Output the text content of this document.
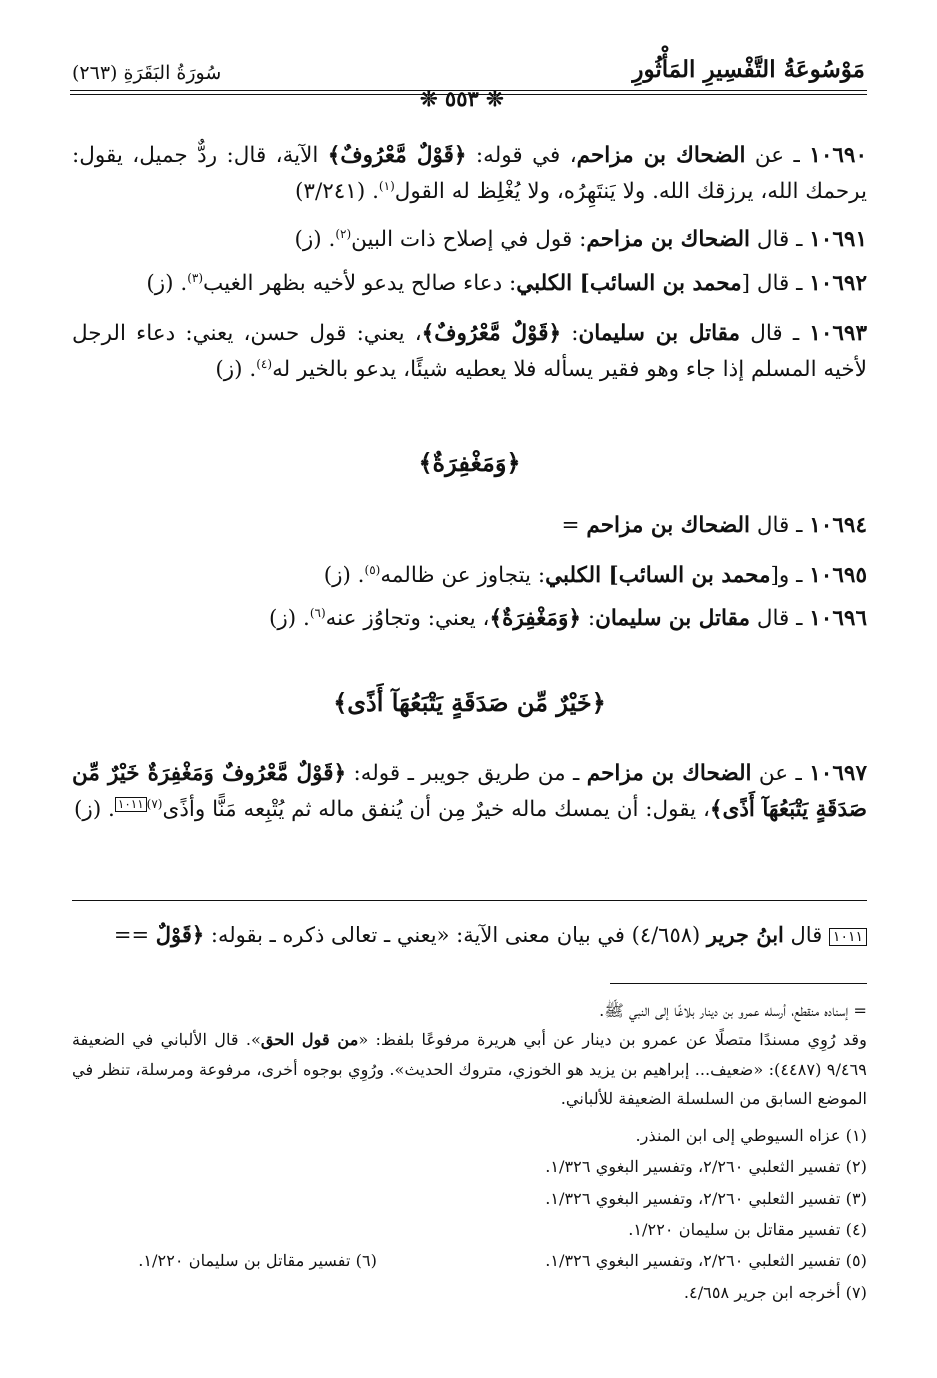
سُورَةُ البَقَرَةِ (٢٦٣)	مَوْسُوعَةُ التَّفْسِيرِ المَأْثُورِ
❊ ٥٥٣ ❊

١٠٦٩٠ ـ عن الضحاك بن مزاحم، في قوله: ﴿قَوْلٌ مَّعْرُوفٌ﴾ الآية، قال: ردٌّ جميل، يقول: يرحمك الله، يرزقك الله. ولا يَنتَهِرُه، ولا يُغْلِظ له القول$^{(١)}$. (٣/٢٤١)

١٠٦٩١ ـ قال الضحاك بن مزاحم: قول في إصلاح ذات البين$^{(٢)}$. (ز)

١٠٦٩٢ ـ قال [محمد بن السائب] الكلبي: دعاء صالح يدعو لأخيه بظهر الغيب$^{(٣)}$. (ز)

١٠٦٩٣ ـ قال مقاتل بن سليمان: ﴿قَوْلٌ مَّعْرُوفٌ﴾، يعني: قول حسن، يعني: دعاء الرجل لأخيه المسلم إذا جاء وهو فقير يسأله فلا يعطيه شيئًا، يدعو بالخير له$^{(٤)}$. (ز)

﴿وَمَغْفِرَةٌ﴾

١٠٦٩٤ ـ قال الضحاك بن مزاحم =

١٠٦٩٥ ـ و[محمد بن السائب] الكلبي: يتجاوز عن ظالمه$^{(٥)}$. (ز)

١٠٦٩٦ ـ قال مقاتل بن سليمان: ﴿وَمَغْفِرَةٌ﴾، يعني: وتجاوُز عنه$^{(٦)}$. (ز)

﴿خَيْرٌ مِّن صَدَقَةٍ يَتْبَعُهَآ أَذًى﴾

١٠٦٩٧ ـ عن الضحاك بن مزاحم ـ من طريق جويبر ـ قوله: ﴿قَوْلٌ مَّعْرُوفٌ وَمَغْفِرَةٌ خَيْرٌ مِّن صَدَقَةٍ يَتْبَعُهَآ أَذًى﴾، يقول: أن يمسك ماله خيرٌ مِن أن يُنفق ماله ثم يُتْبِعه مَنًّا وأذًى$^{(٧)}$١٠١١. (ز)

١٠١١ قال ابنُ جرير (٤/٦٥٨) في بيان معنى الآية: «يعني ـ تعالى ذكره ـ بقوله: ﴿قَوْلٌ ==

= إسناده منقطع، أرسله عمرو بن دينار بلاغًا إلى النبي ﷺ.

وقد رُوِي مسندًا متصلًا عن عمرو بن دينار عن أبي هريرة مرفوعًا بلفظ: «من قول الحق». قال الألباني في الضعيفة ٩/٤٦٩ (٤٤٨٧): «ضعيف... إبراهيم بن يزيد هو الخوزي، متروك الحديث». ورُوِي بوجوه أخرى، مرفوعة ومرسلة، تنظر في الموضع السابق من السلسلة الضعيفة للألباني.

(١) عزاه السيوطي إلى ابن المنذر.
(٢) تفسير الثعلبي ٢/٢٦٠، وتفسير البغوي ١/٣٢٦.
(٣) تفسير الثعلبي ٢/٢٦٠، وتفسير البغوي ١/٣٢٦.
(٤) تفسير مقاتل بن سليمان ١/٢٢٠.
(٥) تفسير الثعلبي ٢/٢٦٠، وتفسير البغوي ١/٣٢٦.
(٦) تفسير مقاتل بن سليمان ١/٢٢٠.
(٧) أخرجه ابن جرير ٤/٦٥٨.
